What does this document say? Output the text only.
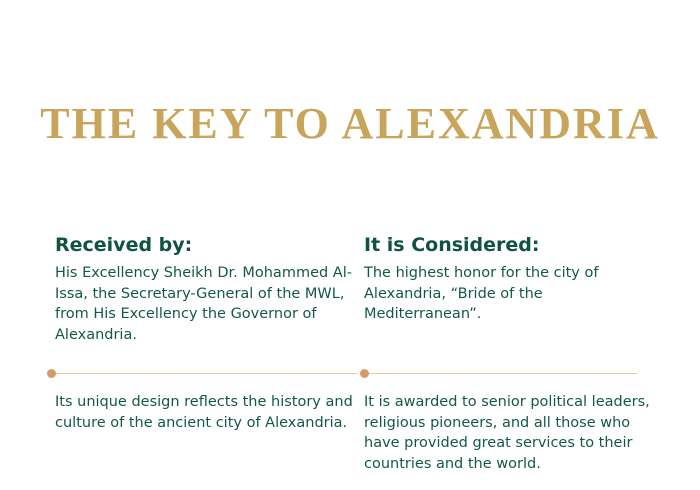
THE KEY TO ALEXANDRIA
Received by:

His Excellency Sheikh Dr. Mohammed Al-Issa, the Secretary-General of the MWL, from His Excellency the Governor of Alexandria.

It is Considered:

The highest honor for the city of Alexandria, “Bride of the Mediterranean”.

Its unique design reflects the history and culture of the ancient city of Alexandria.

It is awarded to senior political leaders, religious pioneers, and all those who have provided great services to their countries and the world.
